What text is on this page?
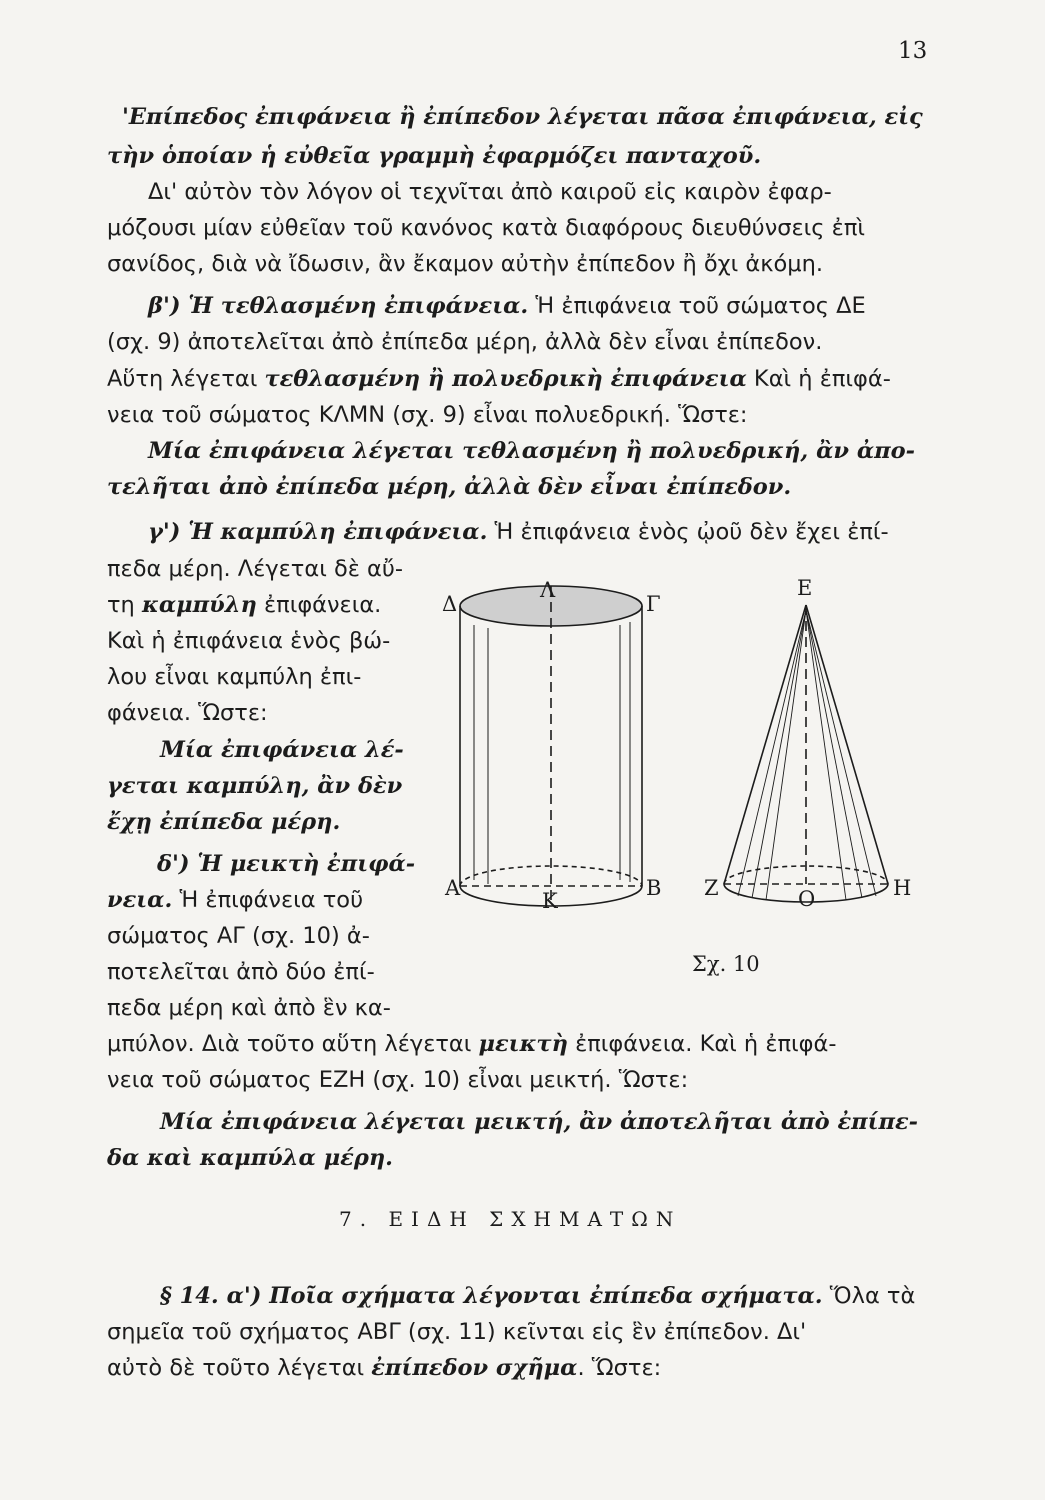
13
'Επίπεδος ἐπιφάνεια ἢ ἐπίπεδον λέγεται πᾶσα ἐπιφάνεια, εἰς
τὴν ὁποίαν ἡ εὐθεῖα γραμμὴ ἐφαρμόζει πανταχοῦ.
Δι' αὐτὸν τὸν λόγον οἱ τεχνῖται ἀπὸ καιροῦ εἰς καιρὸν ἐφαρ-
μόζουσι μίαν εὐθεῖαν τοῦ κανόνος κατὰ διαφόρους διευθύνσεις ἐπὶ
σανίδος, διὰ νὰ ἴδωσιν, ἂν ἔκαμον αὐτὴν ἐπίπεδον ἢ ὄχι ἀκόμη.
β') Ἡ τεθλασμένη ἐπιφάνεια. Ἡ ἐπιφάνεια τοῦ σώματος ΔΕ
(σχ. 9) ἀποτελεῖται ἀπὸ ἐπίπεδα μέρη, ἀλλὰ δὲν εἶναι ἐπίπεδον.
Αὕτη λέγεται τεθλασμένη ἢ πολυεδρικὴ ἐπιφάνεια Καὶ ἡ ἐπιφά-
νεια τοῦ σώματος ΚΛΜΝ (σχ. 9) εἶναι πολυεδρική. Ὥστε:
Μία ἐπιφάνεια λέγεται τεθλασμένη ἢ πολυεδρική, ἂν ἀπο-
τελῆται ἀπὸ ἐπίπεδα μέρη, ἀλλὰ δὲν εἶναι ἐπίπεδον.
γ') Ἡ καμπύλη ἐπιφάνεια. Ἡ ἐπιφάνεια ἑνὸς ᾠοῦ δὲν ἔχει ἐπί-
πεδα μέρη. Λέγεται δὲ αὔ-
τη καμπύλη ἐπιφάνεια.
Καὶ ἡ ἐπιφάνεια ἑνὸς βώ-
λου εἶναι καμπύλη ἐπι-
φάνεια. Ὥστε:
Μία ἐπιφάνεια λέ-
γεται καμπύλη, ἂν δὲν
ἔχῃ ἐπίπεδα μέρη.
δ') Ἡ μεικτὴ ἐπιφά-
νεια. Ἡ ἐπιφάνεια τοῦ
σώματος ΑΓ (σχ. 10) ἀ-
ποτελεῖται ἀπὸ δύο ἐπί-
πεδα μέρη καὶ ἀπὸ ἓν κα-
μπύλον. Διὰ τοῦτο αὕτη λέγεται μεικτὴ ἐπιφάνεια. Καὶ ἡ ἐπιφά-
νεια τοῦ σώματος ΕΖΗ (σχ. 10) εἶναι μεικτή. Ὥστε:
Μία ἐπιφάνεια λέγεται μεικτή, ἂν ἀποτελῆται ἀπὸ ἐπίπε-
δα καὶ καμπύλα μέρη.
7. ΕΙΔΗ ΣΧΗΜΑΤΩΝ
§ 14. α') Ποῖα σχήματα λέγονται ἐπίπεδα σχήματα. Ὅλα τὰ
σημεῖα τοῦ σχήματος ΑΒΓ (σχ. 11) κεῖνται εἰς ἓν ἐπίπεδον. Δι'
αὐτὸ δὲ τοῦτο λέγεται ἐπίπεδον σχῆμα. Ὥστε:
Λ
Δ	Γ
Α
Κ
Β
Ε
Ζ	Ο	Η
Σχ. 10
